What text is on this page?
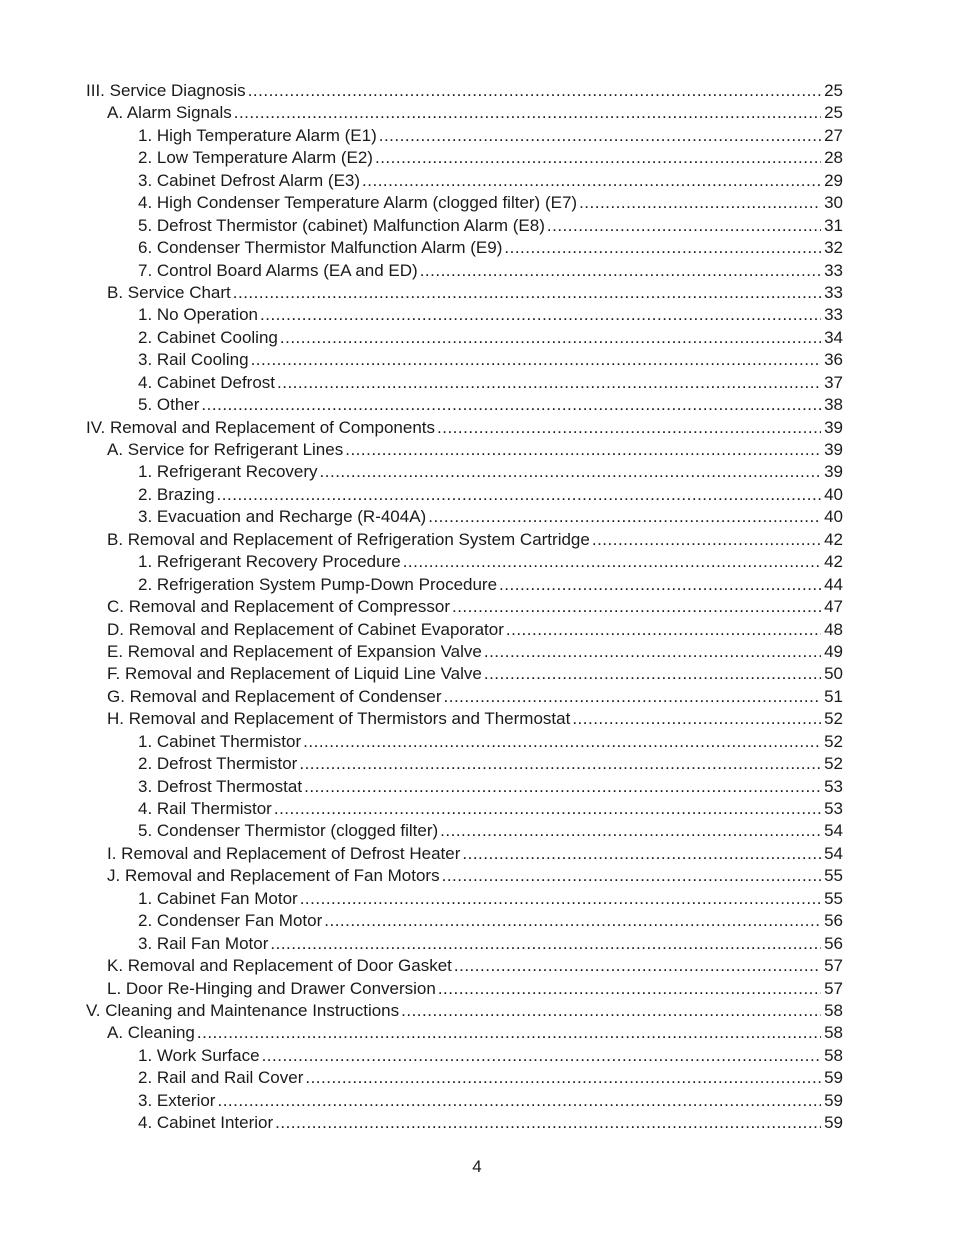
III. Service Diagnosis .....	25
A. Alarm Signals .....	25
1. High Temperature Alarm (E1) .....	27
2. Low Temperature Alarm (E2) .....	28
3. Cabinet Defrost Alarm (E3) .....	29
4. High Condenser Temperature Alarm (clogged filter) (E7) .....	30
5. Defrost Thermistor (cabinet) Malfunction Alarm (E8) .....	31
6. Condenser Thermistor Malfunction Alarm (E9) .....	32
7. Control Board Alarms (EA and ED) .....	33
B. Service Chart .....	33
1. No Operation .....	33
2. Cabinet Cooling .....	34
3. Rail Cooling .....	36
4. Cabinet Defrost .....	37
5. Other .....	38
IV. Removal and Replacement of Components .....	39
A. Service for Refrigerant Lines .....	39
1. Refrigerant Recovery .....	39
2. Brazing .....	40
3. Evacuation and Recharge (R-404A) .....	40
B. Removal and Replacement of Refrigeration System Cartridge .....	42
1. Refrigerant Recovery Procedure .....	42
2. Refrigeration System Pump-Down Procedure .....	44
C. Removal and Replacement of Compressor .....	47
D. Removal and Replacement of Cabinet Evaporator .....	48
E. Removal and Replacement of Expansion Valve .....	49
F. Removal and Replacement of Liquid Line Valve .....	50
G. Removal and Replacement of Condenser .....	51
H. Removal and Replacement of Thermistors and Thermostat .....	52
1. Cabinet Thermistor .....	52
2. Defrost Thermistor .....	52
3. Defrost Thermostat .....	53
4. Rail Thermistor .....	53
5. Condenser Thermistor (clogged filter) .....	54
I. Removal and Replacement of Defrost Heater .....	54
J. Removal and Replacement of Fan Motors .....	55
1. Cabinet Fan Motor .....	55
2. Condenser Fan Motor .....	56
3. Rail Fan Motor .....	56
K. Removal and Replacement of Door Gasket .....	57
L. Door Re-Hinging and Drawer Conversion .....	57
V. Cleaning and Maintenance Instructions .....	58
A. Cleaning .....	58
1. Work Surface .....	58
2. Rail and Rail Cover .....	59
3. Exterior .....	59
4. Cabinet Interior .....	59
4
